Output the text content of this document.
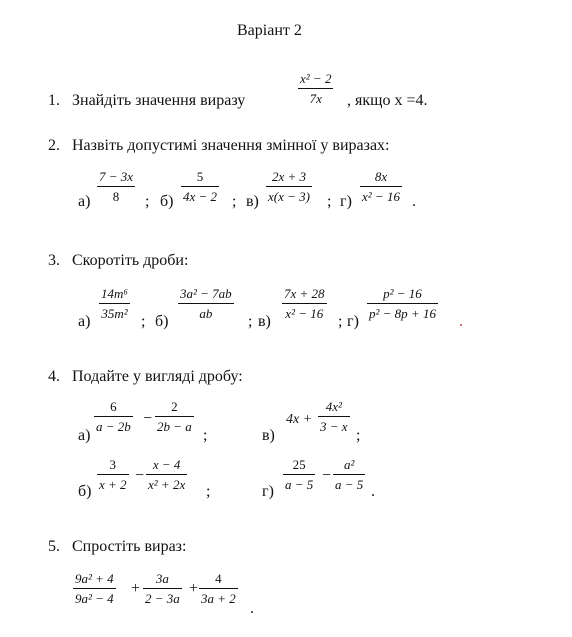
Варіант 2
1. Знайдіть значення виразу
x² − 2
7x , якщо x =4.
2. Назвіть допустимі значення змінної у виразах:
а)
7 − 3x
8 ; б)
5
4x − 2 ; в)
2x + 3
x(x − 3) ; г)
8x
x² − 16 .
3. Скоротіть дроби:
а)
14m⁶
35m² ; б)
3a² − 7ab
ab ; в)
7x + 28
x² − 16 ; г)
p² − 16
p² − 8p + 16 .
4. Подайте у вигляді дробу:
а)
6
a − 2b −
2
2b − a
;	в)
4x +
4x²
3 − x
;
б)
3
x + 2
−
x − 4
x² + 2x ;	г)
25
a − 5
−
a²
a − 5 .
5. Спростіть вираз:
9a² + 4
9a² − 4
+
3a
2 − 3a
+
4
3a + 2
.
